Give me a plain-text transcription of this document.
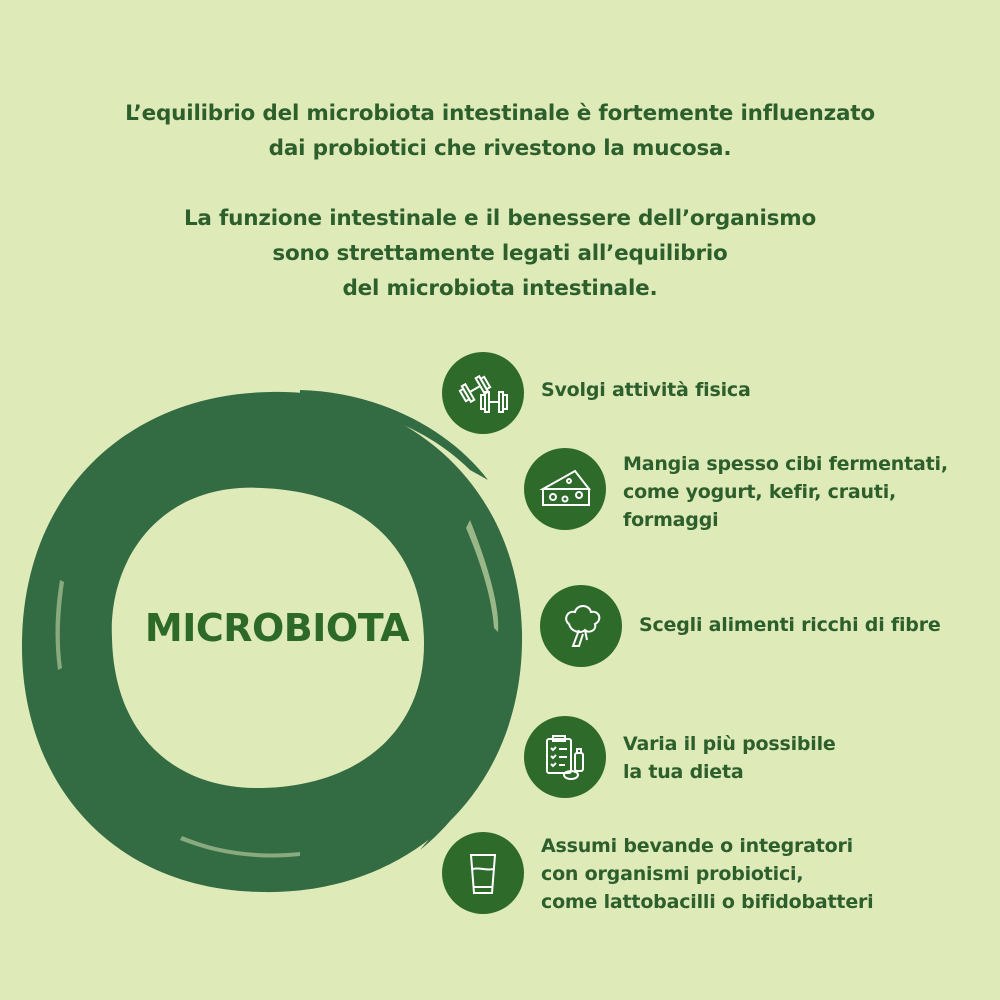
L’equilibrio del microbiota intestinale è fortemente influenzato
dai probiotici che rivestono la mucosa.

La funzione intestinale e il benessere dell’organismo
sono strettamente legati all’equilibrio
del microbiota intestinale.

MICROBIOTA
Svolgi attività fisica
Mangia spesso cibi fermentati,
come yogurt, kefir, crauti,
formaggi
Scegli alimenti ricchi di fibre
Varia il più possibile
la tua dieta
Assumi bevande o integratori
con organismi probiotici,
come lattobacilli o bifidobatteri
